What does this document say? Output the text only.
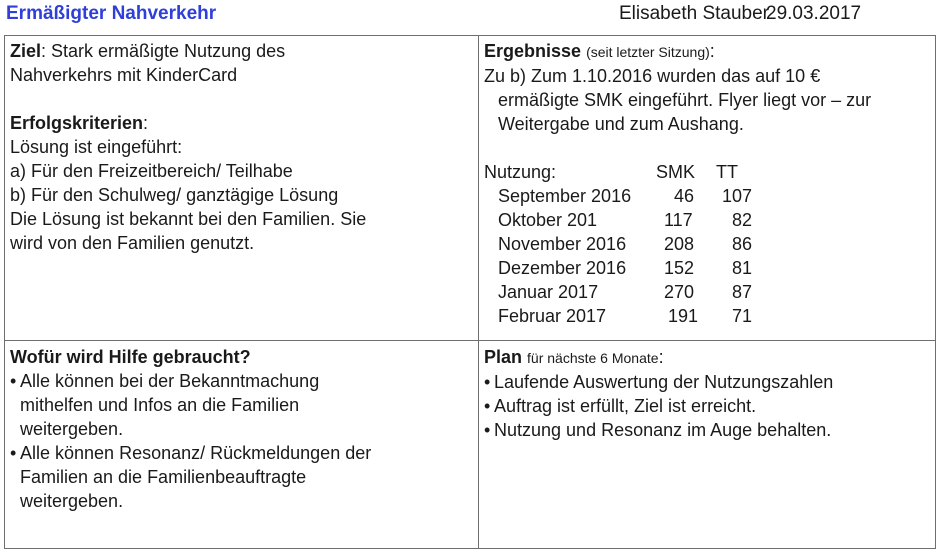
Ermäßigter Nahverkehr	Elisabeth Stauber
29.03.2017

Ziel: Stark ermäßigte Nutzung des

Nahverkehrs mit KinderCard

Erfolgskriterien:

Lösung ist eingeführt:

a) Für den Freizeitbereich/ Teilhabe

b) Für den Schulweg/ ganztägige Lösung

Die Lösung ist bekannt bei den Familien. Sie

wird von den Familien genutzt.

Ergebnisse (seit letzter Sitzung):

Zu b) Zum 1.10.2016 wurden das auf 10 €

ermäßigte SMK eingeführt. Flyer liegt vor – zur

Weitergabe und zum Aushang.

Nutzung:	SMK	TT
September 2016	46	107
Oktober 201	117	82
November 2016	208	86
Dezember 2016	152	81
Januar 2017	270	87
Februar 2017	191	71

Wofür wird Hilfe gebraucht?

• Alle können bei der Bekanntmachung

mithelfen und Infos an die Familien

weitergeben.

• Alle können Resonanz/ Rückmeldungen der

Familien an die Familienbeauftragte

weitergeben.

Plan für nächste 6 Monate:

• Laufende Auswertung der Nutzungszahlen

• Auftrag ist erfüllt, Ziel ist erreicht.

• Nutzung und Resonanz im Auge behalten.
